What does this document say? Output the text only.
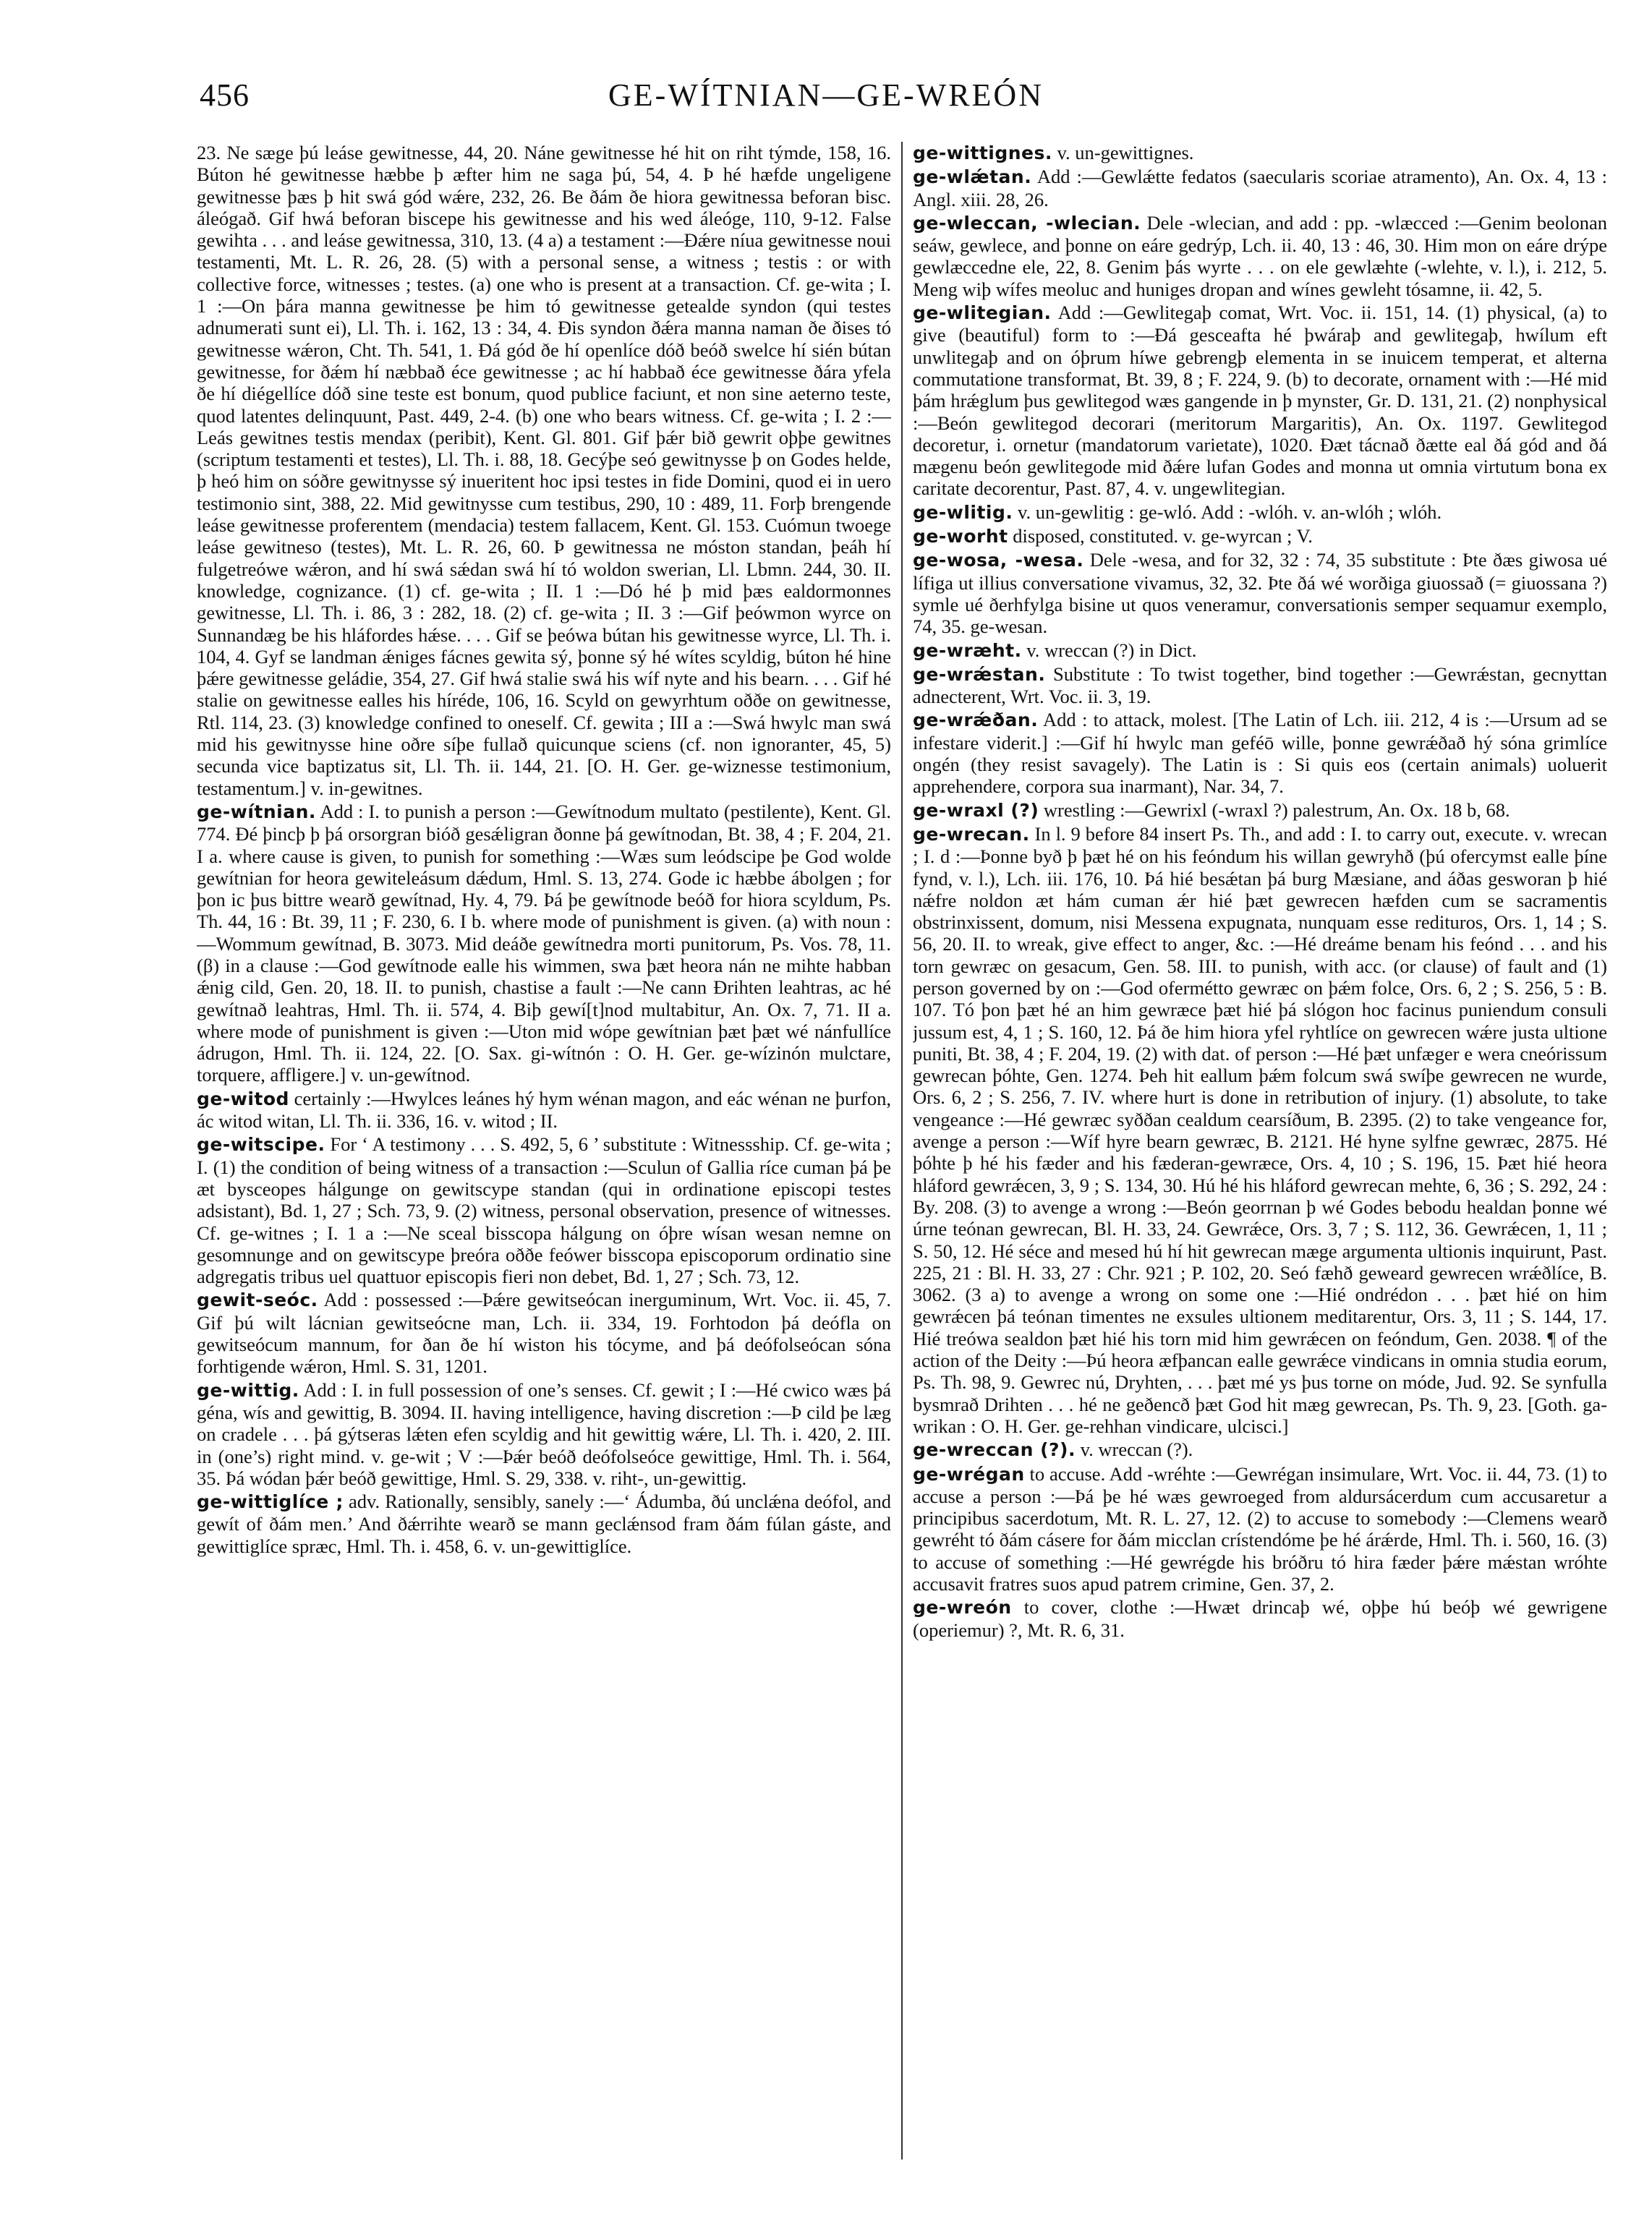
456	GE-WÍTNIAN—GE-WREÓN

23. Ne sæge þú leáse gewitnesse, 44, 20. Náne gewitnesse hé hit on riht týmde, 158, 16. Búton hé gewitnesse hæbbe þ æfter him ne saga þú, 54, 4. Þ hé hæfde ungeligene gewitnesse þæs þ hit swá gód wǽre, 232, 26. Be ðám ðe hiora gewitnessa beforan bisc. áleógað. Gif hwá beforan biscepe his gewitnesse and his wed áleóge, 110, 9-12. False gewihta . . . and leáse gewitnessa, 310, 13. (4 a) a testament :—Ðǽre níua gewitnesse noui testamenti, Mt. L. R. 26, 28. (5) with a personal sense, a witness ; testis : or with collective force, witnesses ; testes. (a) one who is present at a transaction. Cf. ge-wita ; I. 1 :—On þára manna gewitnesse þe him tó gewitnesse getealde syndon (qui testes adnumerati sunt ei), Ll. Th. i. 162, 13 : 34, 4. Ðis syndon ðǽra manna naman ðe ðises tó gewitnesse wǽron, Cht. Th. 541, 1. Ðá gód ðe hí openlíce dóð beóð swelce hí sién bútan gewitnesse, for ðǽm hí næbbað éce gewitnesse ; ac hí habbað éce gewitnesse ðára yfela ðe hí diégellíce dóð sine teste est bonum, quod publice faciunt, et non sine aeterno teste, quod latentes delinquunt, Past. 449, 2-4. (b) one who bears witness. Cf. ge-wita ; I. 2 :—Leás gewitnes testis mendax (peribit), Kent. Gl. 801. Gif þǽr bið gewrit oþþe gewitnes (scriptum testamenti et testes), Ll. Th. i. 88, 18. Gecýþe seó gewitnysse þ on Godes helde, þ heó him on sóðre gewitnysse sý inueritent hoc ipsi testes in fide Domini, quod ei in uero testimonio sint, 388, 22. Mid gewitnysse cum testibus, 290, 10 : 489, 11. Forþ brengende leáse gewitnesse proferentem (mendacia) testem fallacem, Kent. Gl. 153. Cuómun twoege leáse gewitneso (testes), Mt. L. R. 26, 60. Þ gewitnessa ne móston standan, þeáh hí fulgetreówe wǽron, and hí swá sǽdan swá hí tó woldon swerian, Ll. Lbmn. 244, 30. II. knowledge, cognizance. (1) cf. ge-wita ; II. 1 :—Dó hé þ mid þæs ealdormonnes gewitnesse, Ll. Th. i. 86, 3 : 282, 18. (2) cf. ge-wita ; II. 3 :—Gif þeówmon wyrce on Sunnandæg be his hláfordes hǽse. . . . Gif se þeówa bútan his gewitnesse wyrce, Ll. Th. i. 104, 4. Gyf se landman ǽniges fácnes gewita sý, þonne sý hé wítes scyldig, búton hé hine þǽre gewitnesse geládie, 354, 27. Gif hwá stalie swá his wíf nyte and his bearn. . . . Gif hé stalie on gewitnesse ealles his híréde, 106, 16. Scyld on gewyrhtum oððe on gewitnesse, Rtl. 114, 23. (3) knowledge confined to oneself. Cf. gewita ; III a :—Swá hwylc man swá mid his gewitnysse hine oðre síþe fullað quicunque sciens (cf. non ignoranter, 45, 5) secunda vice baptizatus sit, Ll. Th. ii. 144, 21. [O. H. Ger. ge-wiznesse testimonium, testamentum.] v. in-gewitnes.

ge-wítnian. Add : I. to punish a person :—Gewítnodum multato (pestilente), Kent. Gl. 774. Ðé þincþ þ þá orsorgran bióð gesǽligran ðonne þá gewítnodan, Bt. 38, 4 ; F. 204, 21. I a. where cause is given, to punish for something :—Wæs sum leódscipe þe God wolde gewítnian for heora gewiteleásum dǽdum, Hml. S. 13, 274. Gode ic hæbbe ábolgen ; for þon ic þus bittre wearð gewítnad, Hy. 4, 79. Þá þe gewítnode beóð for hiora scyldum, Ps. Th. 44, 16 : Bt. 39, 11 ; F. 230, 6. I b. where mode of punishment is given. (a) with noun :—Wommum gewítnad, B. 3073. Mid deáðe gewítnedra morti punitorum, Ps. Vos. 78, 11. (β) in a clause :—God gewítnode ealle his wimmen, swa þæt heora nán ne mihte habban ǽnig cild, Gen. 20, 18. II. to punish, chastise a fault :—Ne cann Ðrihten leahtras, ac hé gewítnað leahtras, Hml. Th. ii. 574, 4. Biþ gewí[t]nod multabitur, An. Ox. 7, 71. II a. where mode of punishment is given :—Uton mid wópe gewítnian þæt þæt wé nánfullíce ádrugon, Hml. Th. ii. 124, 22. [O. Sax. gi-wítnón : O. H. Ger. ge-wízinón mulctare, torquere, affligere.] v. un-gewítnod.

ge-witod certainly :—Hwylces leánes hý hym wénan magon, and eác wénan ne þurfon, ác witod witan, Ll. Th. ii. 336, 16. v. witod ; II.

ge-witscipe. For ‘ A testimony . . . S. 492, 5, 6 ’ substitute : Witnessship. Cf. ge-wita ; I. (1) the condition of being witness of a transaction :—Sculun of Gallia ríce cuman þá þe æt bysceopes hálgunge on gewitscype standan (qui in ordinatione episcopi testes adsistant), Bd. 1, 27 ; Sch. 73, 9. (2) witness, personal observation, presence of witnesses. Cf. ge-witnes ; I. 1 a :—Ne sceal bisscopa hálgung on óþre wísan wesan nemne on gesomnunge and on gewitscype þreóra oððe feówer bisscopa episcoporum ordinatio sine adgregatis tribus uel quattuor episcopis fieri non debet, Bd. 1, 27 ; Sch. 73, 12.

gewit-seóc. Add : possessed :—Þǽre gewitseócan inerguminum, Wrt. Voc. ii. 45, 7. Gif þú wilt lácnian gewitseócne man, Lch. ii. 334, 19. Forhtodon þá deófla on gewitseócum mannum, for ðan ðe hí wiston his tócyme, and þá deófolseócan sóna forhtigende wǽron, Hml. S. 31, 1201.

ge-wittig. Add : I. in full possession of one’s senses. Cf. gewit ; I :—Hé cwico wæs þá géna, wís and gewittig, B. 3094. II. having intelligence, having discretion :—Þ cild þe læg on cradele . . . þá gýtseras lǽten efen scyldig and hit gewittig wǽre, Ll. Th. i. 420, 2. III. in (one’s) right mind. v. ge-wit ; V :—Þǽr beóð deófolseóce gewittige, Hml. Th. i. 564, 35. Þá wódan þǽr beóð gewittige, Hml. S. 29, 338. v. riht-, un-gewittig.

ge-wittiglíce ; adv. Rationally, sensibly, sanely :—‘ Ádumba, ðú unclǽna deófol, and gewít of ðám men.’ And ðǽrrihte wearð se mann geclǽnsod fram ðám fúlan gáste, and gewittiglíce spræc, Hml. Th. i. 458, 6. v. un-gewittiglíce.

ge-wittignes. v. un-gewittignes.

ge-wlǽtan. Add :—Gewlǽtte fedatos (saecularis scoriae atramento), An. Ox. 4, 13 : Angl. xiii. 28, 26.

ge-wleccan, -wlecian. Dele -wlecian, and add : pp. -wlæcced :—Genim beolonan seáw, gewlece, and þonne on eáre gedrýp, Lch. ii. 40, 13 : 46, 30. Him mon on eáre drýpe gewlæccedne ele, 22, 8. Genim þás wyrte . . . on ele gewlæhte (-wlehte, v. l.), i. 212, 5. Meng wiþ wífes meoluc and huniges dropan and wínes gewleht tósamne, ii. 42, 5.

ge-wlitegian. Add :—Gewlitegaþ comat, Wrt. Voc. ii. 151, 14. (1) physical, (a) to give (beautiful) form to :—Ðá gesceafta hé þwáraþ and gewlitegaþ, hwílum eft unwlitegaþ and on óþrum híwe gebrengþ elementa in se inuicem temperat, et alterna commutatione transformat, Bt. 39, 8 ; F. 224, 9. (b) to decorate, ornament with :—Hé mid þám hrǽglum þus gewlitegod wæs gangende in þ mynster, Gr. D. 131, 21. (2) nonphysical :—Beón gewlitegod decorari (meritorum Margaritis), An. Ox. 1197. Gewlitegod decoretur, i. ornetur (mandatorum varietate), 1020. Ðæt tácnað ðætte eal ðá gód and ðá mægenu beón gewlitegode mid ðǽre lufan Godes and monna ut omnia virtutum bona ex caritate decorentur, Past. 87, 4. v. ungewlitegian.

ge-wlitig. v. un-gewlitig : ge-wló. Add : -wlóh. v. an-wlóh ; wlóh.

ge-worht disposed, constituted. v. ge-wyrcan ; V.

ge-wosa, -wesa. Dele -wesa, and for 32, 32 : 74, 35 substitute : Þte ðæs giwosa ué lífiga ut illius conversatione vivamus, 32, 32. Þte ðá wé worðiga giuossað (= giuossana ?) symle ué ðerhfylga bisine ut quos veneramur, conversationis semper sequamur exemplo, 74, 35. ge-wesan.

ge-wræht. v. wreccan (?) in Dict.

ge-wrǽstan. Substitute : To twist together, bind together :—Gewrǽstan, gecnyttan adnecterent, Wrt. Voc. ii. 3, 19.

ge-wrǽðan. Add : to attack, molest. [The Latin of Lch. iii. 212, 4 is :—Ursum ad se infestare viderit.] :—Gif hí hwylc man geféō wille, þonne gewrǽðað hý sóna grimlíce ongén (they resist savagely). The Latin is : Si quis eos (certain animals) uoluerit apprehendere, corpora sua inarmant), Nar. 34, 7.

ge-wraxl (?) wrestling :—Gewrixl (-wraxl ?) palestrum, An. Ox. 18 b, 68.

ge-wrecan. In l. 9 before 84 insert Ps. Th., and add : I. to carry out, execute. v. wrecan ; I. d :—Þonne byð þ þæt hé on his feóndum his willan gewryhð (þú ofercymst ealle þíne fynd, v. l.), Lch. iii. 176, 10. Þá hié besǽtan þá burg Mæsiane, and áðas gesworan þ hié nǽfre noldon æt hám cuman ǽr hié þæt gewrecen hæfden cum se sacramentis obstrinxissent, domum, nisi Messena expugnata, nunquam esse redituros, Ors. 1, 14 ; S. 56, 20. II. to wreak, give effect to anger, &c. :—Hé dreáme benam his feónd . . . and his torn gewræc on gesacum, Gen. 58. III. to punish, with acc. (or clause) of fault and (1) person governed by on :—God ofermétto gewræc on þǽm folce, Ors. 6, 2 ; S. 256, 5 : B. 107. Tó þon þæt hé an him gewræce þæt hié þá slógon hoc facinus puniendum consuli jussum est, 4, 1 ; S. 160, 12. Þá ðe him hiora yfel ryhtlíce on gewrecen wǽre justa ultione puniti, Bt. 38, 4 ; F. 204, 19. (2) with dat. of person :—Hé þæt unfæger e wera cneórissum gewrecan þóhte, Gen. 1274. Þeh hit eallum þǽm folcum swá swíþe gewrecen ne wurde, Ors. 6, 2 ; S. 256, 7. IV. where hurt is done in retribution of injury. (1) absolute, to take vengeance :—Hé gewræc syððan cealdum cearsíðum, B. 2395. (2) to take vengeance for, avenge a person :—Wíf hyre bearn gewræc, B. 2121. Hé hyne sylfne gewræc, 2875. Hé þóhte þ hé his fæder and his fæderan-gewræce, Ors. 4, 10 ; S. 196, 15. Þæt hié heora hláford gewrǽcen, 3, 9 ; S. 134, 30. Hú hé his hláford gewrecan mehte, 6, 36 ; S. 292, 24 : By. 208. (3) to avenge a wrong :—Beón georrnan þ wé Godes bebodu healdan þonne wé úrne teónan gewrecan, Bl. H. 33, 24. Gewrǽce, Ors. 3, 7 ; S. 112, 36. Gewrǽcen, 1, 11 ; S. 50, 12. Hé séce and mesed hú hí hit gewrecan mæge argumenta ultionis inquirunt, Past. 225, 21 : Bl. H. 33, 27 : Chr. 921 ; P. 102, 20. Seó fæhð geweard gewrecen wrǽðlíce, B. 3062. (3 a) to avenge a wrong on some one :—Hié ondrédon . . . þæt hié on him gewrǽcen þá teónan timentes ne exsules ultionem meditarentur, Ors. 3, 11 ; S. 144, 17. Hié treówa sealdon þæt hié his torn mid him gewrǽcen on feóndum, Gen. 2038. ¶ of the action of the Deity :—Þú heora æfþancan ealle gewrǽce vindicans in omnia studia eorum, Ps. Th. 98, 9. Gewrec nú, Dryhten, . . . þæt mé ys þus torne on móde, Jud. 92. Se synfulla bysmrað Drihten . . . hé ne geðencð þæt God hit mæg gewrecan, Ps. Th. 9, 23. [Goth. ga-wrikan : O. H. Ger. ge-rehhan vindicare, ulcisci.]

ge-wreccan (?). v. wreccan (?).

ge-wrégan to accuse. Add -wréhte :—Gewrégan insimulare, Wrt. Voc. ii. 44, 73. (1) to accuse a person :—Þá þe hé wæs gewroeged from aldursácerdum cum accusaretur a principibus sacerdotum, Mt. R. L. 27, 12. (2) to accuse to somebody :—Clemens wearð gewréht tó ðám cásere for ðám micclan crístendóme þe hé árǽrde, Hml. Th. i. 560, 16. (3) to accuse of something :—Hé gewrégde his bróðru tó hira fæder þǽre mǽstan wróhte accusavit fratres suos apud patrem crimine, Gen. 37, 2.

ge-wreón to cover, clothe :—Hwæt drincaþ wé, oþþe hú beóþ wé gewrigene (operiemur) ?, Mt. R. 6, 31.
